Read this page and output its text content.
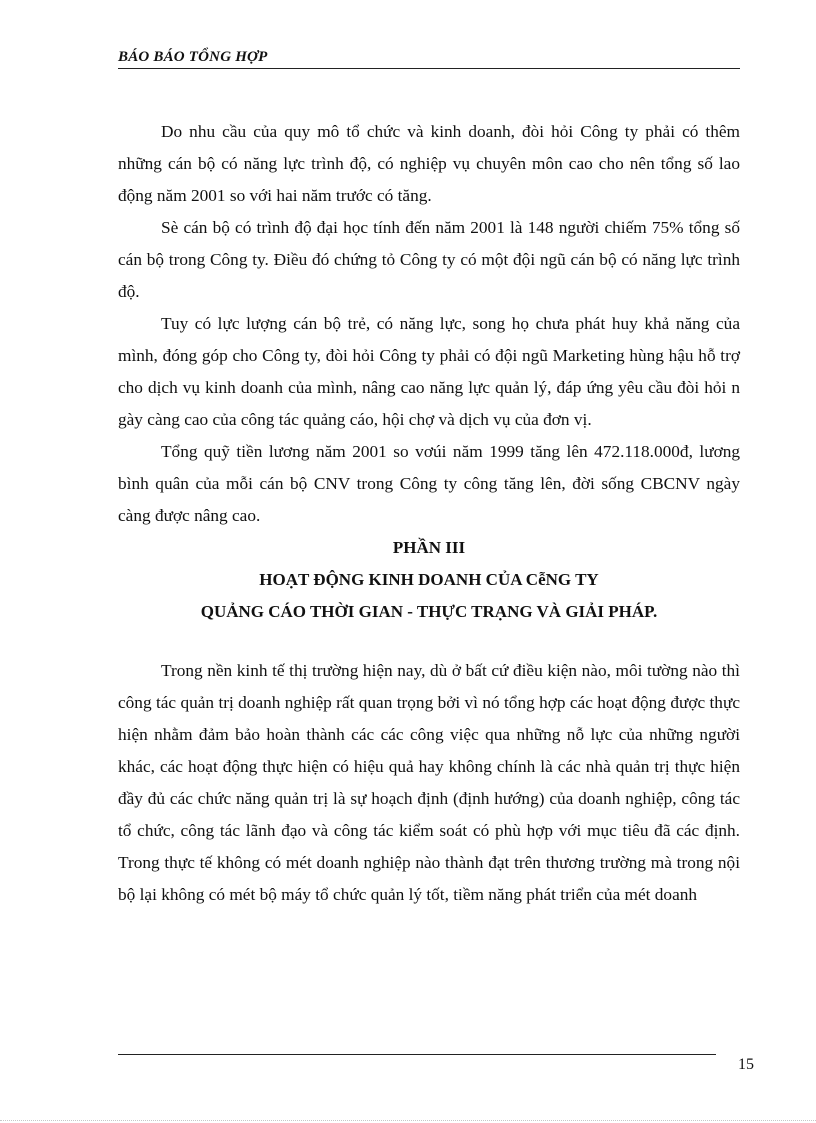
BÁO BÁO TỔNG HỢP

Do nhu cầu của quy mô tổ chức và kinh doanh, đòi hỏi Công ty phải có thêm những cán bộ có năng lực trình độ, có nghiệp vụ chuyên môn cao cho nên tổng số lao động năm 2001 so với hai năm trước có tăng.

Sè cán bộ có trình độ đại học tính đến năm 2001 là 148 người chiếm 75% tổng số cán bộ trong Công ty. Điều đó chứng tỏ Công ty có một đội ngũ cán bộ có năng lực trình độ.

Tuy có lực lượng cán bộ trẻ, có năng lực, song họ chưa phát huy khả năng của mình, đóng góp cho Công ty, đòi hỏi Công ty phải có đội ngũ Marketing hùng hậu hỗ trợ cho dịch vụ kinh doanh của mình, nâng cao năng lực quản lý, đáp ứng yêu cầu đòi hỏi n gày càng cao của công tác quảng cáo, hội chợ và dịch vụ của đơn vị.

Tổng quỹ tiền lương năm 2001 so vơúi năm 1999 tăng lên 472.118.000đ, lương bình quân của mỗi cán bộ CNV trong Công ty công tăng lên, đời sống CBCNV ngày càng được nâng cao.

PHẦN III
HOẠT ĐỘNG KINH DOANH CỦA CễNG TY
QUẢNG CÁO THỜI GIAN - THỰC TRẠNG VÀ GIẢI PHÁP.

Trong nền kinh tế thị trường hiện nay, dù ở bất cứ điều kiện nào, môi tường nào thì công tác quản trị doanh nghiệp rất quan trọng bởi vì nó tổng hợp các hoạt động được thực hiện nhằm đảm bảo hoàn thành các các công việc qua những nỗ lực của những người khác, các hoạt động thực hiện có hiệu quả hay không chính là các nhà quản trị thực hiện đầy đủ các chức năng quản trị là sự hoạch định (định hướng) của doanh nghiệp, công tác tổ chức, công tác lãnh đạo và công tác kiểm soát có phù hợp với mục tiêu đã các định. Trong thực tế không có mét doanh nghiệp nào thành đạt trên thương trường mà trong nội bộ lại không có mét bộ máy tổ chức quản lý tốt, tiềm năng phát triển của mét doanh

15
